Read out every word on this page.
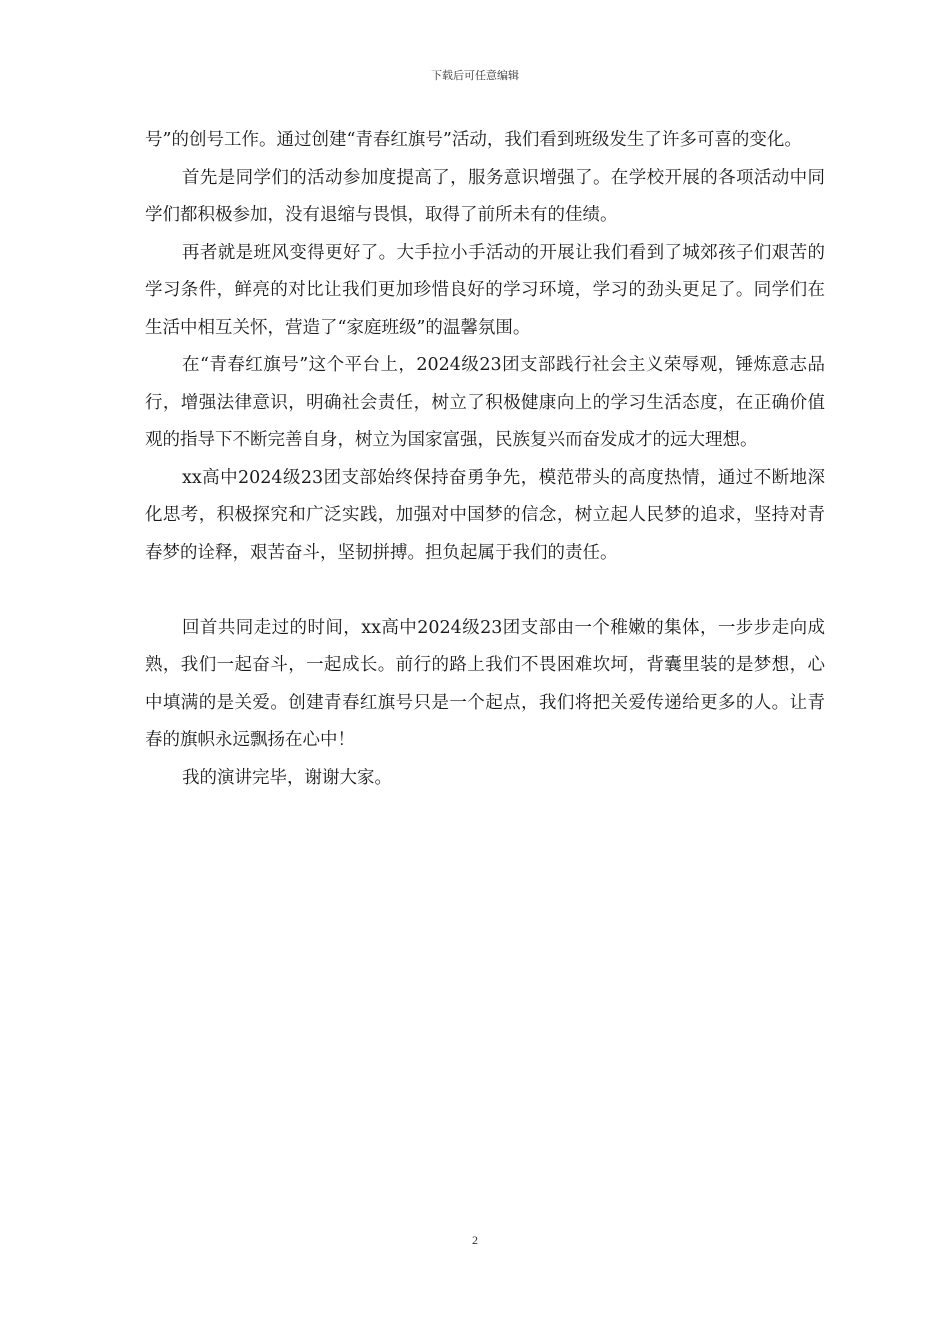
下载后可任意编辑

号”的创号工作。通过创建“青春红旗号”活动，我们看到班级发生了许多可喜的变化。

首先是同学们的活动参加度提高了，服务意识增强了。在学校开展的各项活动中同学们都积极参加，没有退缩与畏惧，取得了前所未有的佳绩。

再者就是班风变得更好了。大手拉小手活动的开展让我们看到了城郊孩子们艰苦的学习条件，鲜亮的对比让我们更加珍惜良好的学习环境，学习的劲头更足了。同学们在生活中相互关怀，营造了“家庭班级”的温馨氛围。

在“青春红旗号”这个平台上，2024级23团支部践行社会主义荣辱观，锤炼意志品行，增强法律意识，明确社会责任，树立了积极健康向上的学习生活态度，在正确价值观的指导下不断完善自身，树立为国家富强，民族复兴而奋发成才的远大理想。

xx高中2024级23团支部始终保持奋勇争先，模范带头的高度热情，通过不断地深化思考，积极探究和广泛实践，加强对中国梦的信念，树立起人民梦的追求，坚持对青春梦的诠释，艰苦奋斗，坚韧拼搏。担负起属于我们的责任。

回首共同走过的时间，xx高中2024级23团支部由一个稚嫩的集体，一步步走向成熟，我们一起奋斗，一起成长。前行的路上我们不畏困难坎坷，背囊里装的是梦想，心中填满的是关爱。创建青春红旗号只是一个起点，我们将把关爱传递给更多的人。让青春的旗帜永远飘扬在心中！

我的演讲完毕，谢谢大家。

2
